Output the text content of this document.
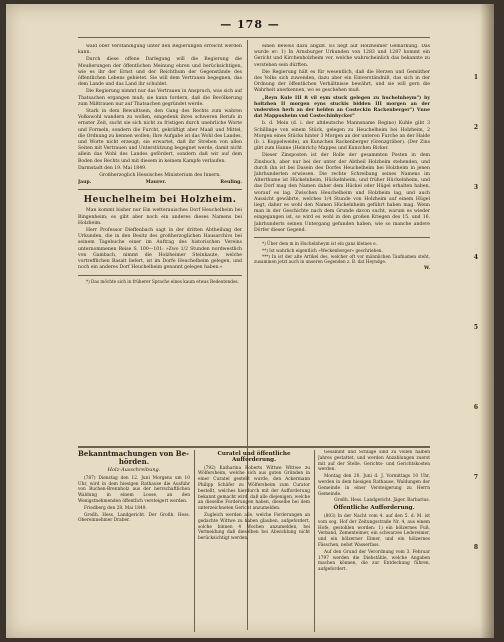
— 178 —

wald ober Verständigung unter den Regierungen erreicht werden kann.

Durch diese offene Darlegung will die Regierung die Meußerungen der öffentlichen Meinung ehren und berücksichtigen, wie es ihr der Ernst und der Reichthum der Gegenstände des öffentlichen Lebens gebietet. Sie will dem Vertrauen begegnen, das dem Lande und das Land ihr schuldet.

Die Regierung nimmt nur das Vertrauen in Anspruch, was sich auf Thatsachen ergangen muß; sie kann fordern, daß die Bevölkerung zum Mißtrauen nur auf Thatsachen gegründet werde.

Stark in dem Bewußtsein, den Gang des Rechts zum wahren Volkswohl wandern zu wollen, eingedenk ihres schweren Berufs in ernster Zeit, sucht sie sich nicht zu fristigen durch unehrliche Worte und Formeln, sondern die Furcht, gekräftigt aber Maaß und Mittel, die Ordnung zu kennen wollen; Ihre Aufgabe ist das Wohl des Landes, und Worte nicht erzeugt; sie erwartet, daß ihr Streben von allen Seiten mit Vertrauen und Unterstützung begegnet werde, damit nicht allein das Wohl des Landes gefördert, sondern daß wir auf dem Boden des Rechts und mit diesem in keinem Kampfe verlaufen.

Darmstadt den 19. Mai 1849.

Großherzoglich Hessisches Ministerium des Innern.

Jaup.	Maurer.	Reuling.
Heuchelheim bei Holzheim.

Man kommt bisher nur Ein wetterauisches Dorf Heuchelheim bei Bingenheim; es gibt aber noch ein anderes dieses Namens bei Holzheim.

Herr Professor Dieffenbach sagt in der dritten Abtheilung der Urkunden, die in den Besitz des großherzoglichen Hausarchivs bei seinem Tagebuche einer im Auftrag des historischen Vereins unternommenen Reise S. 100—101: »Zwo 1/2 Stunden nordwestlich von Gambach, nimmt die Holzheimer Steinkaute, welche vortrefflichen Basalt liefert, ist im Dorfe Heuchelheim gelegen, und noch ein anderes Dorf Heuchelheim genannt gelegen haben.«

*) Das möchte sich in früherer Sprache eines kaum etwas Bedeutendes.

einen Beweis dazu abgibt. Es liegt auf Holzheimer Gemarkung. Das wurde er: 1) In Arnsburger Urkunden von 1283 und 1287 kommt ein Gericht und Kirchenholzheim vor, welche wahrscheinlich das bekannte zu verstehen sein dürften.

Die Regierung hält es für wesentlich, daß die Herzen und Gemüther des Volks sich zuwenden, dazu aber ein Einverständniß, das sich in der Ordnung der öffentlichen Verhältnisse bewährt, und sie will gern die Wahrheit anerkennen, wo es geschehen muß.

„Reyn Kule III ß vil eym stuck gelegen zu huchelnheym") by holtzhen II morgen eyns stuckis bidden III morgen an der vndersten herh an der helden an Costeckin Rackenberger") Vnne dat Mappusheim vnd Costechinbycker"

b. d. Mein (d. i. der altdeutsche Mannsname Regino) Kuhle gibt 3 Schillinge von einem Stück, gelegen zu Heuchelheim bei Holzheim, 2 Morgen eines Stücks hinter 3 Morgen an der unteren Furche an der Halde (b. i. Koppelweide), an Kunzchen Rackenberger (Grenzgräber). (Der Zins gibt zum Hanne (Heinrich) Mappes und Kunzchen Bicker.

Dieser Zinsposten ist der Rolle der gesammten Posten in dem Zinsbuch, aber nur bei der unter der Abtheil Holzheim stehenden, und durch ihn ist bei Dasein des Dorfes Heuchelheim bei Holzheim in jenen Jahrhunderten erwiesen. Die rechte Schreibung seines Namens im Alterthume ist Hückelnheim, Hückelnheim, und früher Hückelnheim, und das Dorf mag den Namen daher dem Hückel oder Hügel erhalten haben, worauf es lag. Zwischen Heuchelheim und Holzheim lag, und auch Aussicht gewährte, welches 1/4 Stunde von Holzheim auf einem Hügel liegt, daher es wohl den Namen Hückelnheim geführt haben mag. Wenn man in der Geschichte nach dem Grunde davon sucht, warum es wieder eingegangen ist, so wird es wohl in den großen Kriegen des 15. und 16. Jahrhunderts seinen Untergang gefunden haben, wie so manche andere Dörfer dieser Gegend.

*) Über dem m in Huchelnheym ist ein ganz kleines e.

**) Ist wahrlich eigentlich »Weckenberger« geschrieben.

***) In ist der alte Artikel des, welcher oft vor männlichen Taufnamen steht, zusammen jetzt auch in unseren Gegenden z. B. dat Heyndge.

W.

Bekanntmachungen von Be-
hörden.
Holz-Ausschreibung.

(787) Dienstag den 12. Juni Morgens um 10 Uhr, wird in dem hiesigen Rathause die Ausfuhr von Buchen-Brennholz aus der herrschaftlichen Waldung in einem Loose, an den Wenigstnehmenden öffentlich versteigert werden.

Friedberg den 28. Mai 1849.

Großh. Hess. Landgericht. Der Großh. Hess. Obereinnehmer Draber.

Curatel und öffentliche Aufforderung.

(792) Katharina Roberts Wittwe Wittwe zu Wölfersheim, welche sich aus guten Gründen in einer Curatel gestellt wurde, den Ackermann Philipp Schäfer zu Wölfersheim zum Curator bestellt, welches hierdurch mit der Aufforderung bekannt gemacht wird, daß alle diejenigen, welche an dieselbe Forderungen haben, dieselbe bei dem unterzeichneten Gericht anzumelden.

Zugleich werden alle, welche Forderungen an gedachte Wittwe zu haben glauben, aufgefordert, solche binnen 4 Wochen anzumelden, bei Vermeidung daß dieselben bei Abwicklung nicht berücksichtigt werden.

Gesammt und Schläge sind zu vollen halben Jahres gestattet, und werden Anzahlungen zuerst mit auf der Stelle. Gerichts- und Gerichtskosten werden.

Montag den 20. Juni d. J. Vormittags 10 Uhr, werden in dem hiesigen Rathause, Waldungen der Gemeinde in einer Versteigerung zu Herrn Gemeinde.

Großh. Hess. Landgericht. Jäger. Barbarius.

Öffentliche Aufforderung.

(803) In der Nacht vom 4. auf den 5. d. M. ist vom sog. Hof der Zeitungsstraße Nr. 4, aus einem Hofe, gestohlen worden: 1) ein hölzernes Fuß, Verband, Zementeimer, ein schwarzes Ledereimer, und ein hölzerner Eimer, und ein hölzernes Fässchen, nebst Wasserfass.

Auf den Grund der Verordnung vom 3. Februar 1797 werden die Diebstähle, welche Angaben machen können, die zur Entdeckung führen, aufgefordert.

1
2
3
4
5
6
7
8
